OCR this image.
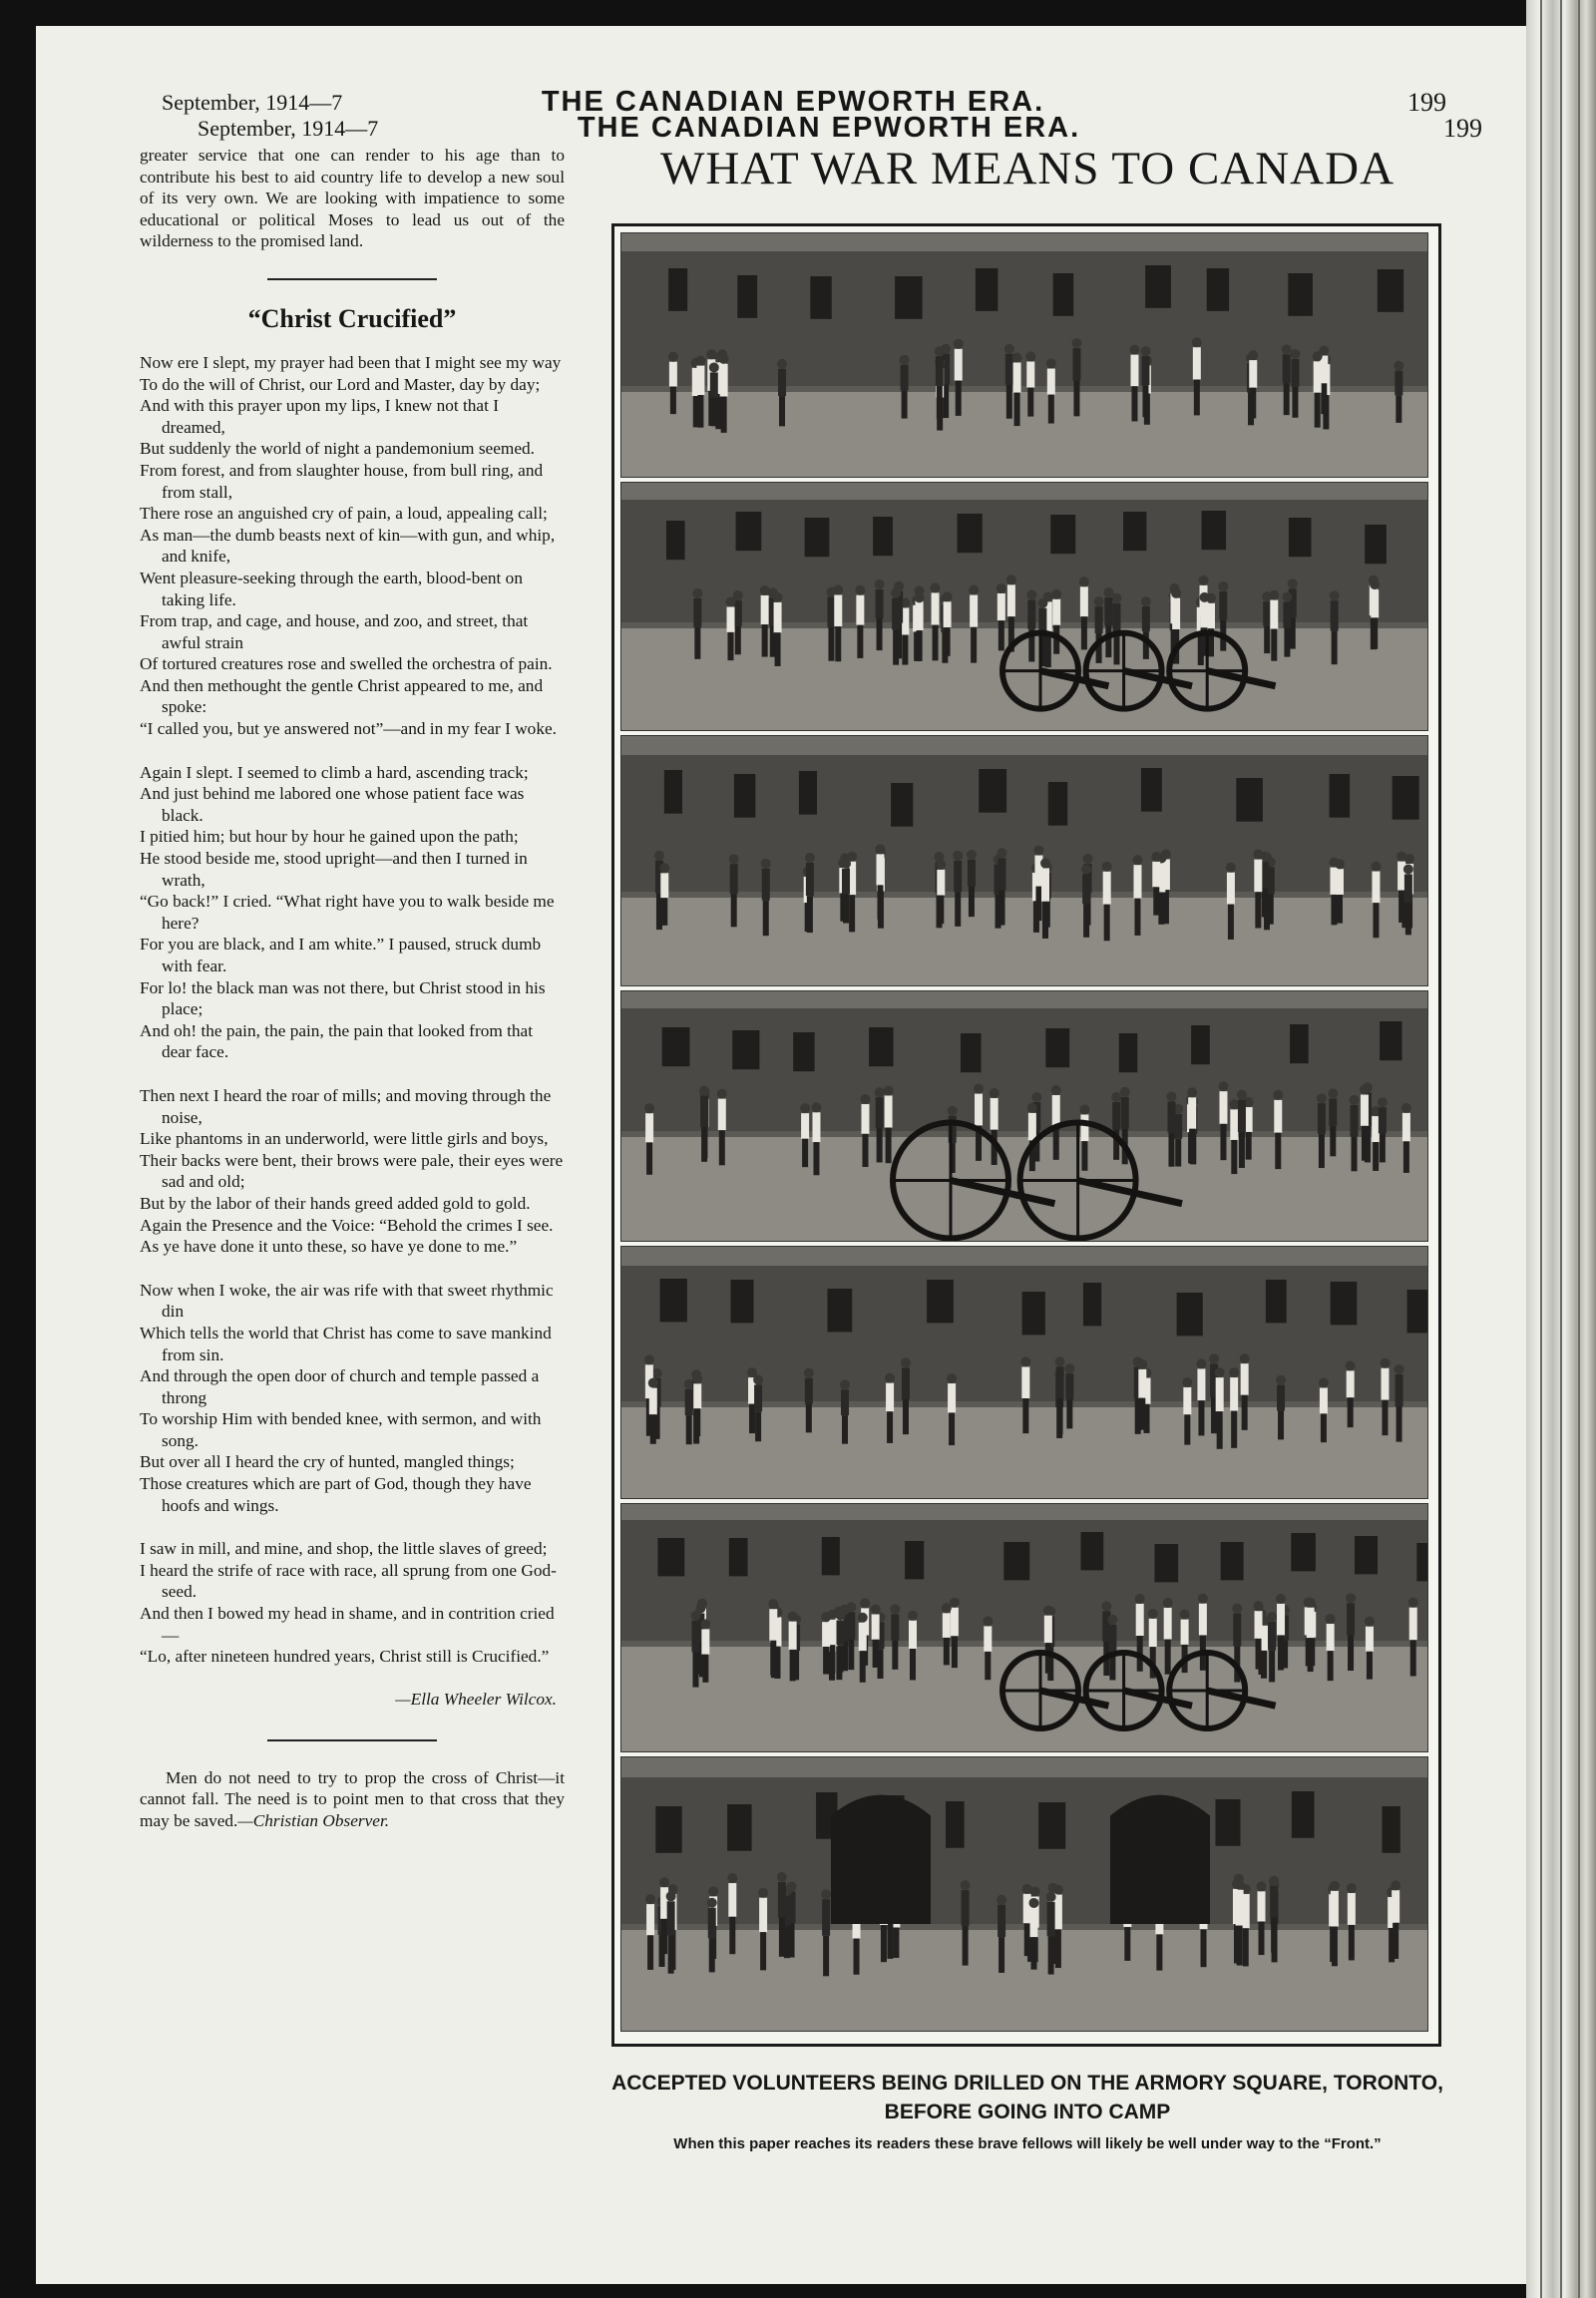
September, 1914—7	THE CANADIAN EPWORTH ERA.	199
September, 1914—7	THE CANADIAN EPWORTH ERA.	199

greater service that one can render to his age than to contribute his best to aid country life to develop a new soul of its very own. We are looking with impatience to some educational or political Moses to lead us out of the wilderness to the promised land.

“Christ Crucified”
Now ere I slept, my prayer had been that I might see my way
To do the will of Christ, our Lord and Master, day by day;
And with this prayer upon my lips, I knew not that I dreamed,
But suddenly the world of night a pandemonium seemed.
From forest, and from slaughter house, from bull ring, and from stall,
There rose an anguished cry of pain, a loud, appealing call;
As man—the dumb beasts next of kin—with gun, and whip, and knife,
Went pleasure-seeking through the earth, blood-bent on taking life.
From trap, and cage, and house, and zoo, and street, that awful strain
Of tortured creatures rose and swelled the orchestra of pain.
And then methought the gentle Christ appeared to me, and spoke:
“I called you, but ye answered not”—and in my fear I woke.
Again I slept. I seemed to climb a hard, ascending track;
And just behind me labored one whose patient face was black.
I pitied him; but hour by hour he gained upon the path;
He stood beside me, stood upright—and then I turned in wrath,
“Go back!” I cried. “What right have you to walk beside me here?
For you are black, and I am white.” I paused, struck dumb with fear.
For lo! the black man was not there, but Christ stood in his place;
And oh! the pain, the pain, the pain that looked from that dear face.
Then next I heard the roar of mills; and moving through the noise,
Like phantoms in an underworld, were little girls and boys,
Their backs were bent, their brows were pale, their eyes were sad and old;
But by the labor of their hands greed added gold to gold.
Again the Presence and the Voice: “Behold the crimes I see.
As ye have done it unto these, so have ye done to me.”
Now when I woke, the air was rife with that sweet rhythmic din
Which tells the world that Christ has come to save mankind from sin.
And through the open door of church and temple passed a throng
To worship Him with bended knee, with sermon, and with song.
But over all I heard the cry of hunted, mangled things;
Those creatures which are part of God, though they have hoofs and wings.
I saw in mill, and mine, and shop, the little slaves of greed;
I heard the strife of race with race, all sprung from one God-seed.
And then I bowed my head in shame, and in contrition cried—
“Lo, after nineteen hundred years, Christ still is Crucified.”
—Ella Wheeler Wilcox.

Men do not need to try to prop the cross of Christ—it cannot fall. The need is to point men to that cross that they may be saved.—Christian Observer.

WHAT WAR MEANS TO CANADA
ACCEPTED VOLUNTEERS BEING DRILLED ON THE ARMORY SQUARE, TORONTO, BEFORE GOING INTO CAMP
When this paper reaches its readers these brave fellows will likely be well under way to the “Front.”
